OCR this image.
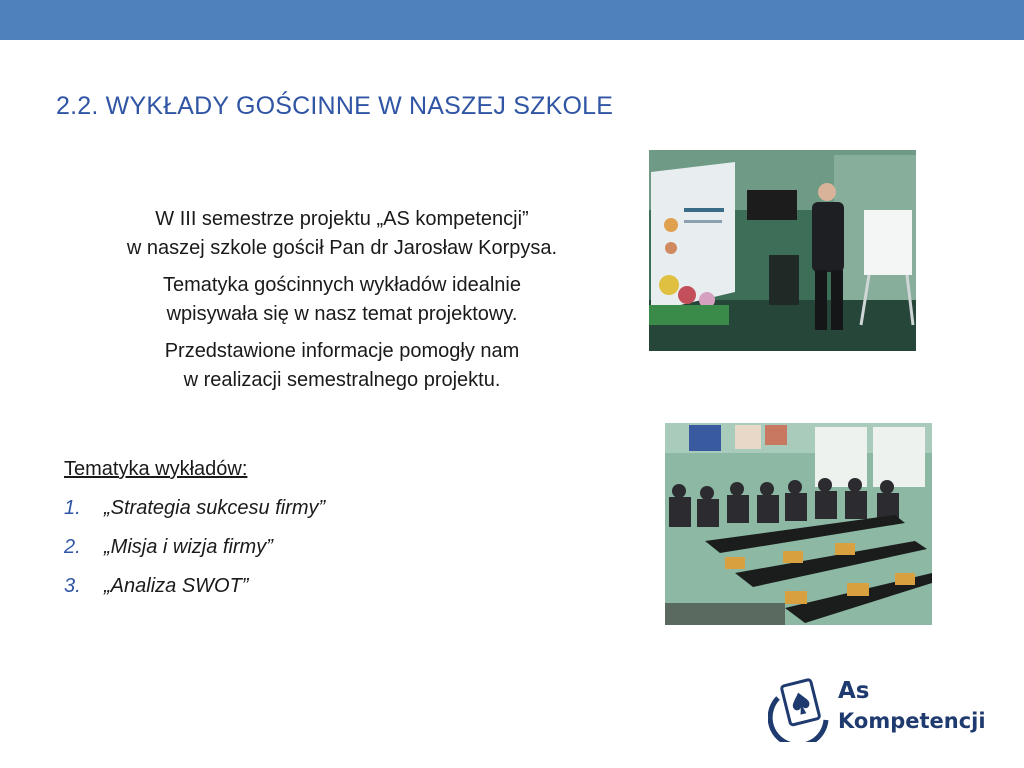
2.2. WYKŁADY GOŚCINNE W NASZEJ SZKOLE

W III semestrze projektu „AS kompetencji”
w naszej szkole gościł Pan dr Jarosław Korpysa.

Tematyka gościnnych wykładów idealnie
wpisywała się w nasz temat projektowy.

Przedstawione informacje pomogły nam
w realizacji semestralnego projektu.

Tematyka wykładów:

1.	„Strategia sukcesu firmy”
2.	„Misja i wizja firmy”
3.	„Analiza SWOT”
As
Kompetencji
